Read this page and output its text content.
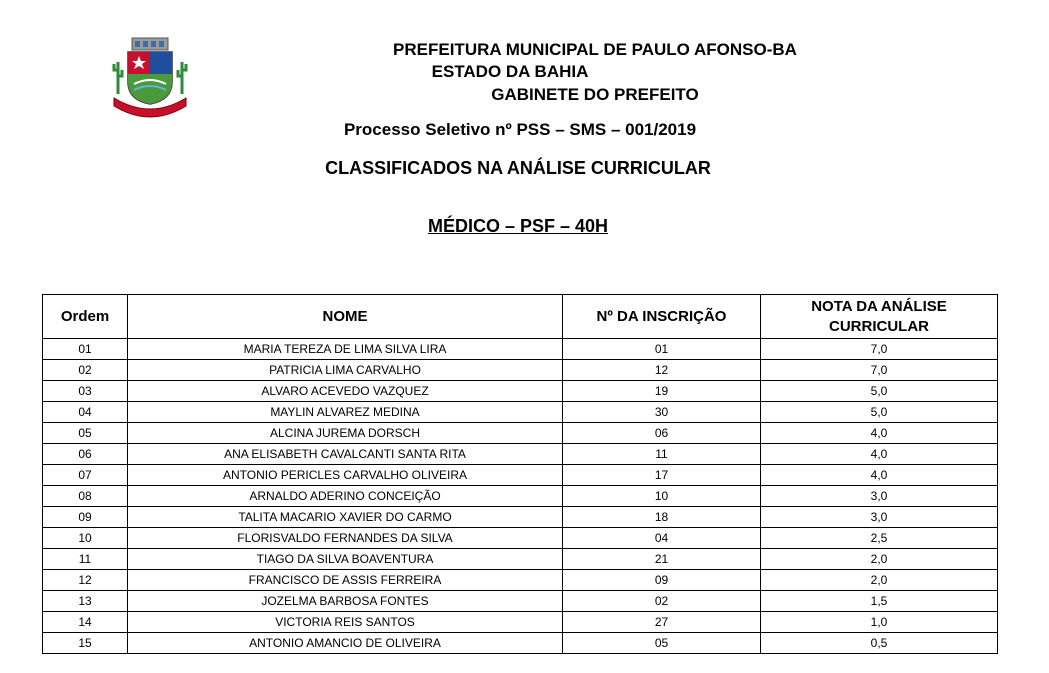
PREFEITURA MUNICIPAL DE PAULO AFONSO-BA
ESTADO DA BAHIA
GABINETE DO PREFEITO
Processo Seletivo nº PSS – SMS – 001/2019
CLASSIFICADOS NA ANÁLISE CURRICULAR
MÉDICO – PSF – 40H
Ordem	NOME	Nº DA INSCRIÇÃO	NOTA DA ANÁLISE CURRICULAR
01	MARIA TEREZA DE LIMA SILVA LIRA	01	7,0
02	PATRICIA LIMA CARVALHO	12	7,0
03	ALVARO ACEVEDO VAZQUEZ	19	5,0
04	MAYLIN ALVAREZ MEDINA	30	5,0
05	ALCINA JUREMA DORSCH	06	4,0
06	ANA ELISABETH CAVALCANTI SANTA RITA	11	4,0
07	ANTONIO PERICLES CARVALHO OLIVEIRA	17	4,0
08	ARNALDO ADERINO CONCEIÇÃO	10	3,0
09	TALITA MACARIO XAVIER DO CARMO	18	3,0
10	FLORISVALDO FERNANDES DA SILVA	04	2,5
11	TIAGO DA SILVA BOAVENTURA	21	2,0
12	FRANCISCO DE ASSIS FERREIRA	09	2,0
13	JOZELMA BARBOSA FONTES	02	1,5
14	VICTORIA REIS SANTOS	27	1,0
15	ANTONIO AMANCIO DE OLIVEIRA	05	0,5
